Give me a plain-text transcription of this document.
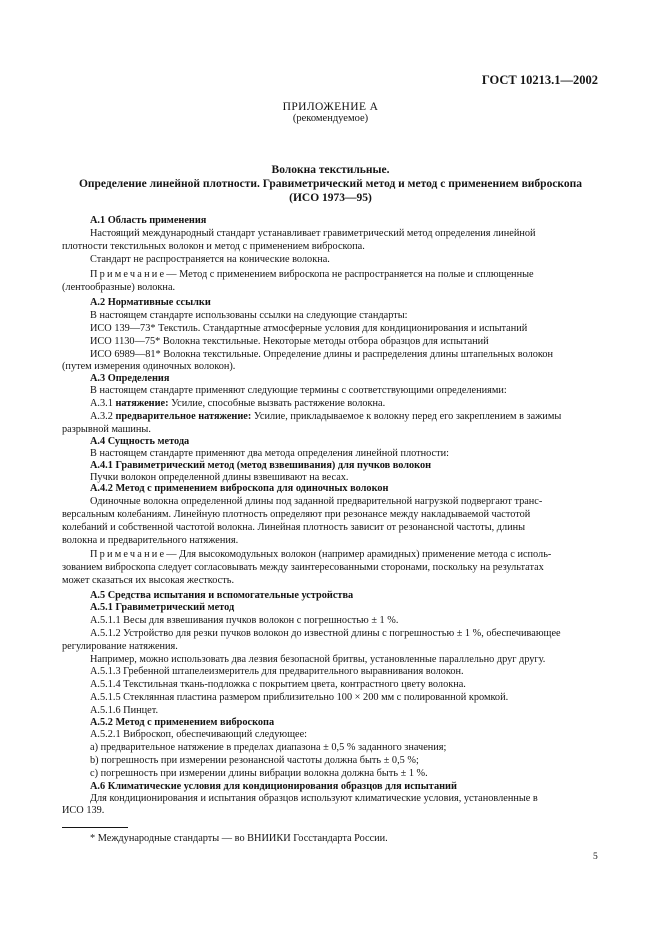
ГОСТ 10213.1—2002
ПРИЛОЖЕНИЕ А
(рекомендуемое)
Волокна текстильные.
Определение линейной плотности. Гравиметрический метод и метод с применением виброскопа
(ИСО 1973—95)
А.1 Область применения
Настоящий международный стандарт устанавливает гравиметрический метод определения линейной
плотности текстильных волокон и метод с применением виброскопа.
Стандарт не распространяется на конические волокна.
Примечание— Метод с применением виброскопа не распространяется на полые и сплющенные
(лентообразные) волокна.
А.2 Нормативные ссылки
В настоящем стандарте использованы ссылки на следующие стандарты:
ИСО 139—73* Текстиль. Стандартные атмосферные условия для кондиционирования и испытаний
ИСО 1130—75* Волокна текстильные. Некоторые методы отбора образцов для испытаний
ИСО 6989—81* Волокна текстильные. Определение длины и распределения длины штапельных волокон
(путем измерения одиночных волокон).
А.3 Определения
В настоящем стандарте применяют следующие термины с соответствующими определениями:
А.3.1 натяжение: Усилие, способные вызвать растяжение волокна.
А.3.2 предварительное натяжение: Усилие, прикладываемое к волокну перед его закреплением в зажимы
разрывной машины.
А.4 Сущность метода
В настоящем стандарте применяют два метода определения линейной плотности:
А.4.1 Гравиметрический метод (метод взвешивания) для пучков волокон
Пучки волокон определенной длины взвешивают на весах.
А.4.2 Метод с применением виброскопа для одиночных волокон
Одиночные волокна определенной длины под заданной предварительной нагрузкой подвергают транс-
версальным колебаниям. Линейную плотность определяют при резонансе между накладываемой частотой
колебаний и собственной частотой волокна. Линейная плотность зависит от резонансной частоты, длины
волокна и предварительного натяжения.
Примечание— Для высокомодульных волокон (например арамидных) применение метода с исполь-
зованием виброскопа следует согласовывать между заинтересованными сторонами, поскольку на результатах
может сказаться их высокая жесткость.
А.5 Средства испытания и вспомогательные устройства
А.5.1 Гравиметрический метод
А.5.1.1 Весы для взвешивания пучков волокон с погрешностью ± 1 %.
А.5.1.2 Устройство для резки пучков волокон до известной длины с погрешностью ± 1 %, обеспечивающее
регулирование натяжения.
Например, можно использовать два лезвия безопасной бритвы, установленные параллельно друг другу.
А.5.1.3 Гребенной штапелеизмеритель для предварительного выравнивания волокон.
А.5.1.4 Текстильная ткань-подложка с покрытием цвета, контрастного цвету волокна.
А.5.1.5 Стеклянная пластина размером приблизительно 100 × 200 мм с полированной кромкой.
А.5.1.6 Пинцет.
А.5.2 Метод с применением виброскопа
А.5.2.1 Виброскоп, обеспечивающий следующее:
а) предварительное натяжение в пределах диапазона ± 0,5 % заданного значения;
b) погрешность при измерении резонансной частоты должна быть ± 0,5 %;
с) погрешность при измерении длины вибрации волокна должна быть ± 1 %.
А.6 Климатические условия для кондиционирования образцов для испытаний
Для кондиционирования и испытания образцов используют климатические условия, установленные в
ИСО 139.
* Международные стандарты — во ВНИИКИ Госстандарта России.
5
